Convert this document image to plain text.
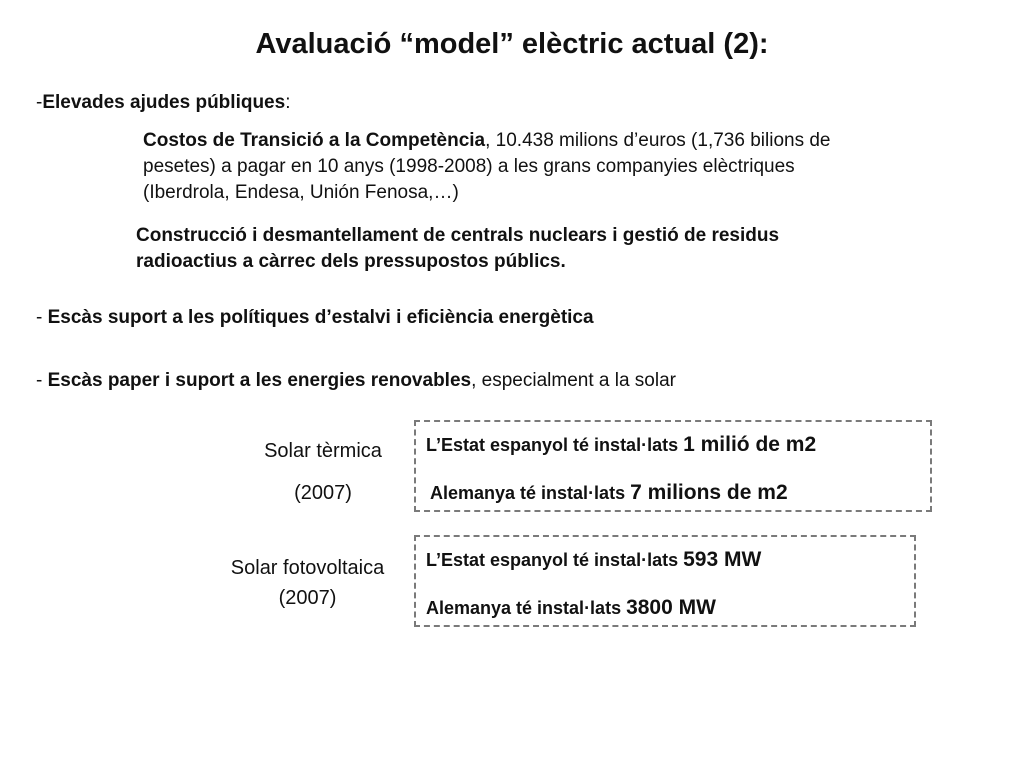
Avaluació “model” elèctric actual (2):
-Elevades ajudes públiques:
Costos de Transició a la Competència, 10.438 milions d’euros (1,736 bilions de
pesetes) a pagar en 10 anys (1998-2008) a les grans companyies elèctriques
(Iberdrola, Endesa, Unión Fenosa,…)
Construcció i desmantellament de centrals nuclears i gestió de residus
radioactius a càrrec dels pressupostos públics.
- Escàs suport a les polítiques d’estalvi i eficiència energètica
- Escàs paper i suport a les energies renovables, especialment a la solar
Solar tèrmica
(2007)
L’Estat espanyol té instal·lats 1 milió de m2
Alemanya té instal·lats 7 milions de m2
Solar fotovoltaica
(2007)
L’Estat espanyol té instal·lats 593 MW
Alemanya té instal·lats 3800 MW
